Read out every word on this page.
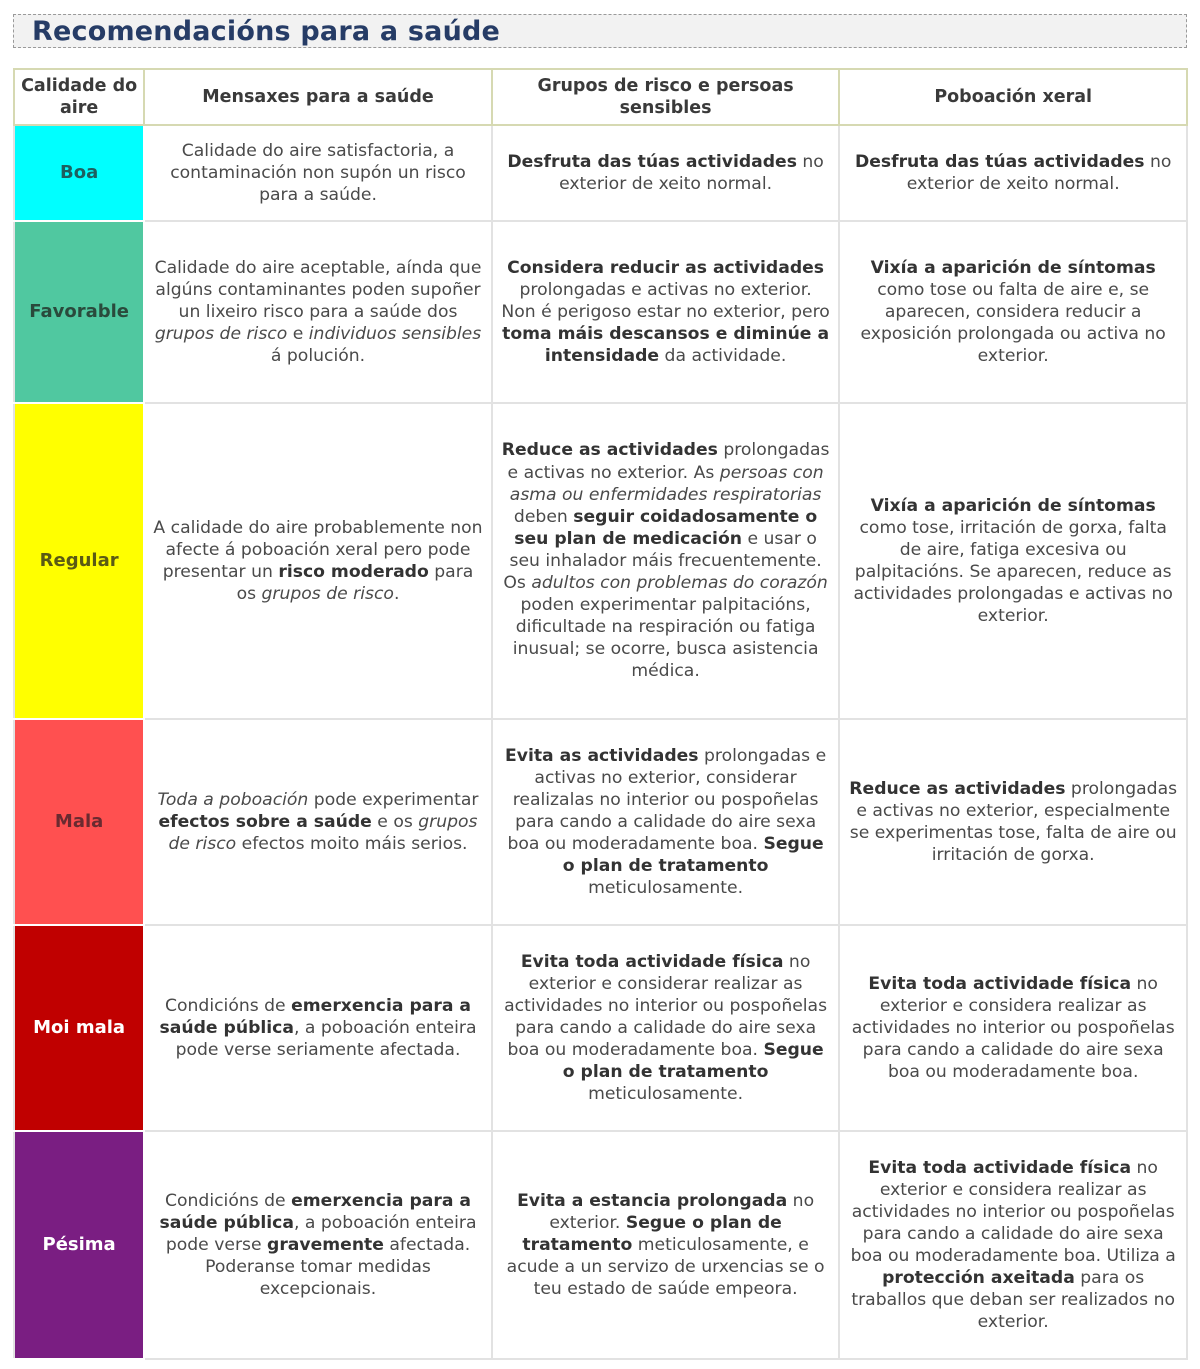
Recomendacións para a saúde
Calidade do aire	Mensaxes para a saúde	Grupos de risco e persoas sensibles	Poboación xeral
Boa	Calidade do aire satisfactoria, a contaminación non supón un risco para a saúde.	Desfruta das túas actividades no exterior de xeito normal.	Desfruta das túas actividades no exterior de xeito normal.
Favorable	Calidade do aire aceptable, aínda que algúns contaminantes poden supoñer un lixeiro risco para a saúde dos grupos de risco e individuos sensibles á polución.	Considera reducir as actividades prolongadas e activas no exterior. Non é perigoso estar no exterior, pero toma máis descansos e diminúe a intensidade da actividade.	Vixía a aparición de síntomas como tose ou falta de aire e, se aparecen, considera reducir a exposición prolongada ou activa no exterior.
Regular	A calidade do aire probablemente non afecte á poboación xeral pero pode presentar un risco moderado para os grupos de risco.	Reduce as actividades prolongadas e activas no exterior. As persoas con asma ou enfermidades respiratorias deben seguir coidadosamente o seu plan de medicación e usar o seu inhalador máis frecuentemente. Os adultos con problemas do corazón poden experimentar palpitacións, dificultade na respiración ou fatiga inusual; se ocorre, busca asistencia médica.	Vixía a aparición de síntomas como tose, irritación de gorxa, falta de aire, fatiga excesiva ou palpitacións. Se aparecen, reduce as actividades prolongadas e activas no exterior.
Mala	Toda a poboación pode experimentar efectos sobre a saúde e os grupos de risco efectos moito máis serios.	Evita as actividades prolongadas e activas no exterior, considerar realizalas no interior ou pospoñelas para cando a calidade do aire sexa boa ou moderadamente boa. Segue o plan de tratamento meticulosamente.	Reduce as actividades prolongadas e activas no exterior, especialmente se experimentas tose, falta de aire ou irritación de gorxa.
Moi mala	Condicións de emerxencia para a saúde pública, a poboación enteira pode verse seriamente afectada.	Evita toda actividade física no exterior e considerar realizar as actividades no interior ou pospoñelas para cando a calidade do aire sexa boa ou moderadamente boa. Segue o plan de tratamento meticulosamente.	Evita toda actividade física no exterior e considera realizar as actividades no interior ou pospoñelas para cando a calidade do aire sexa boa ou moderadamente boa.
Pésima	Condicións de emerxencia para a saúde pública, a poboación enteira pode verse gravemente afectada. Poderanse tomar medidas excepcionais.	Evita a estancia prolongada no exterior. Segue o plan de tratamento meticulosamente, e acude a un servizo de urxencias se o teu estado de saúde empeora.	Evita toda actividade física no exterior e considera realizar as actividades no interior ou pospoñelas para cando a calidade do aire sexa boa ou moderadamente boa. Utiliza a protección axeitada para os traballos que deban ser realizados no exterior.
